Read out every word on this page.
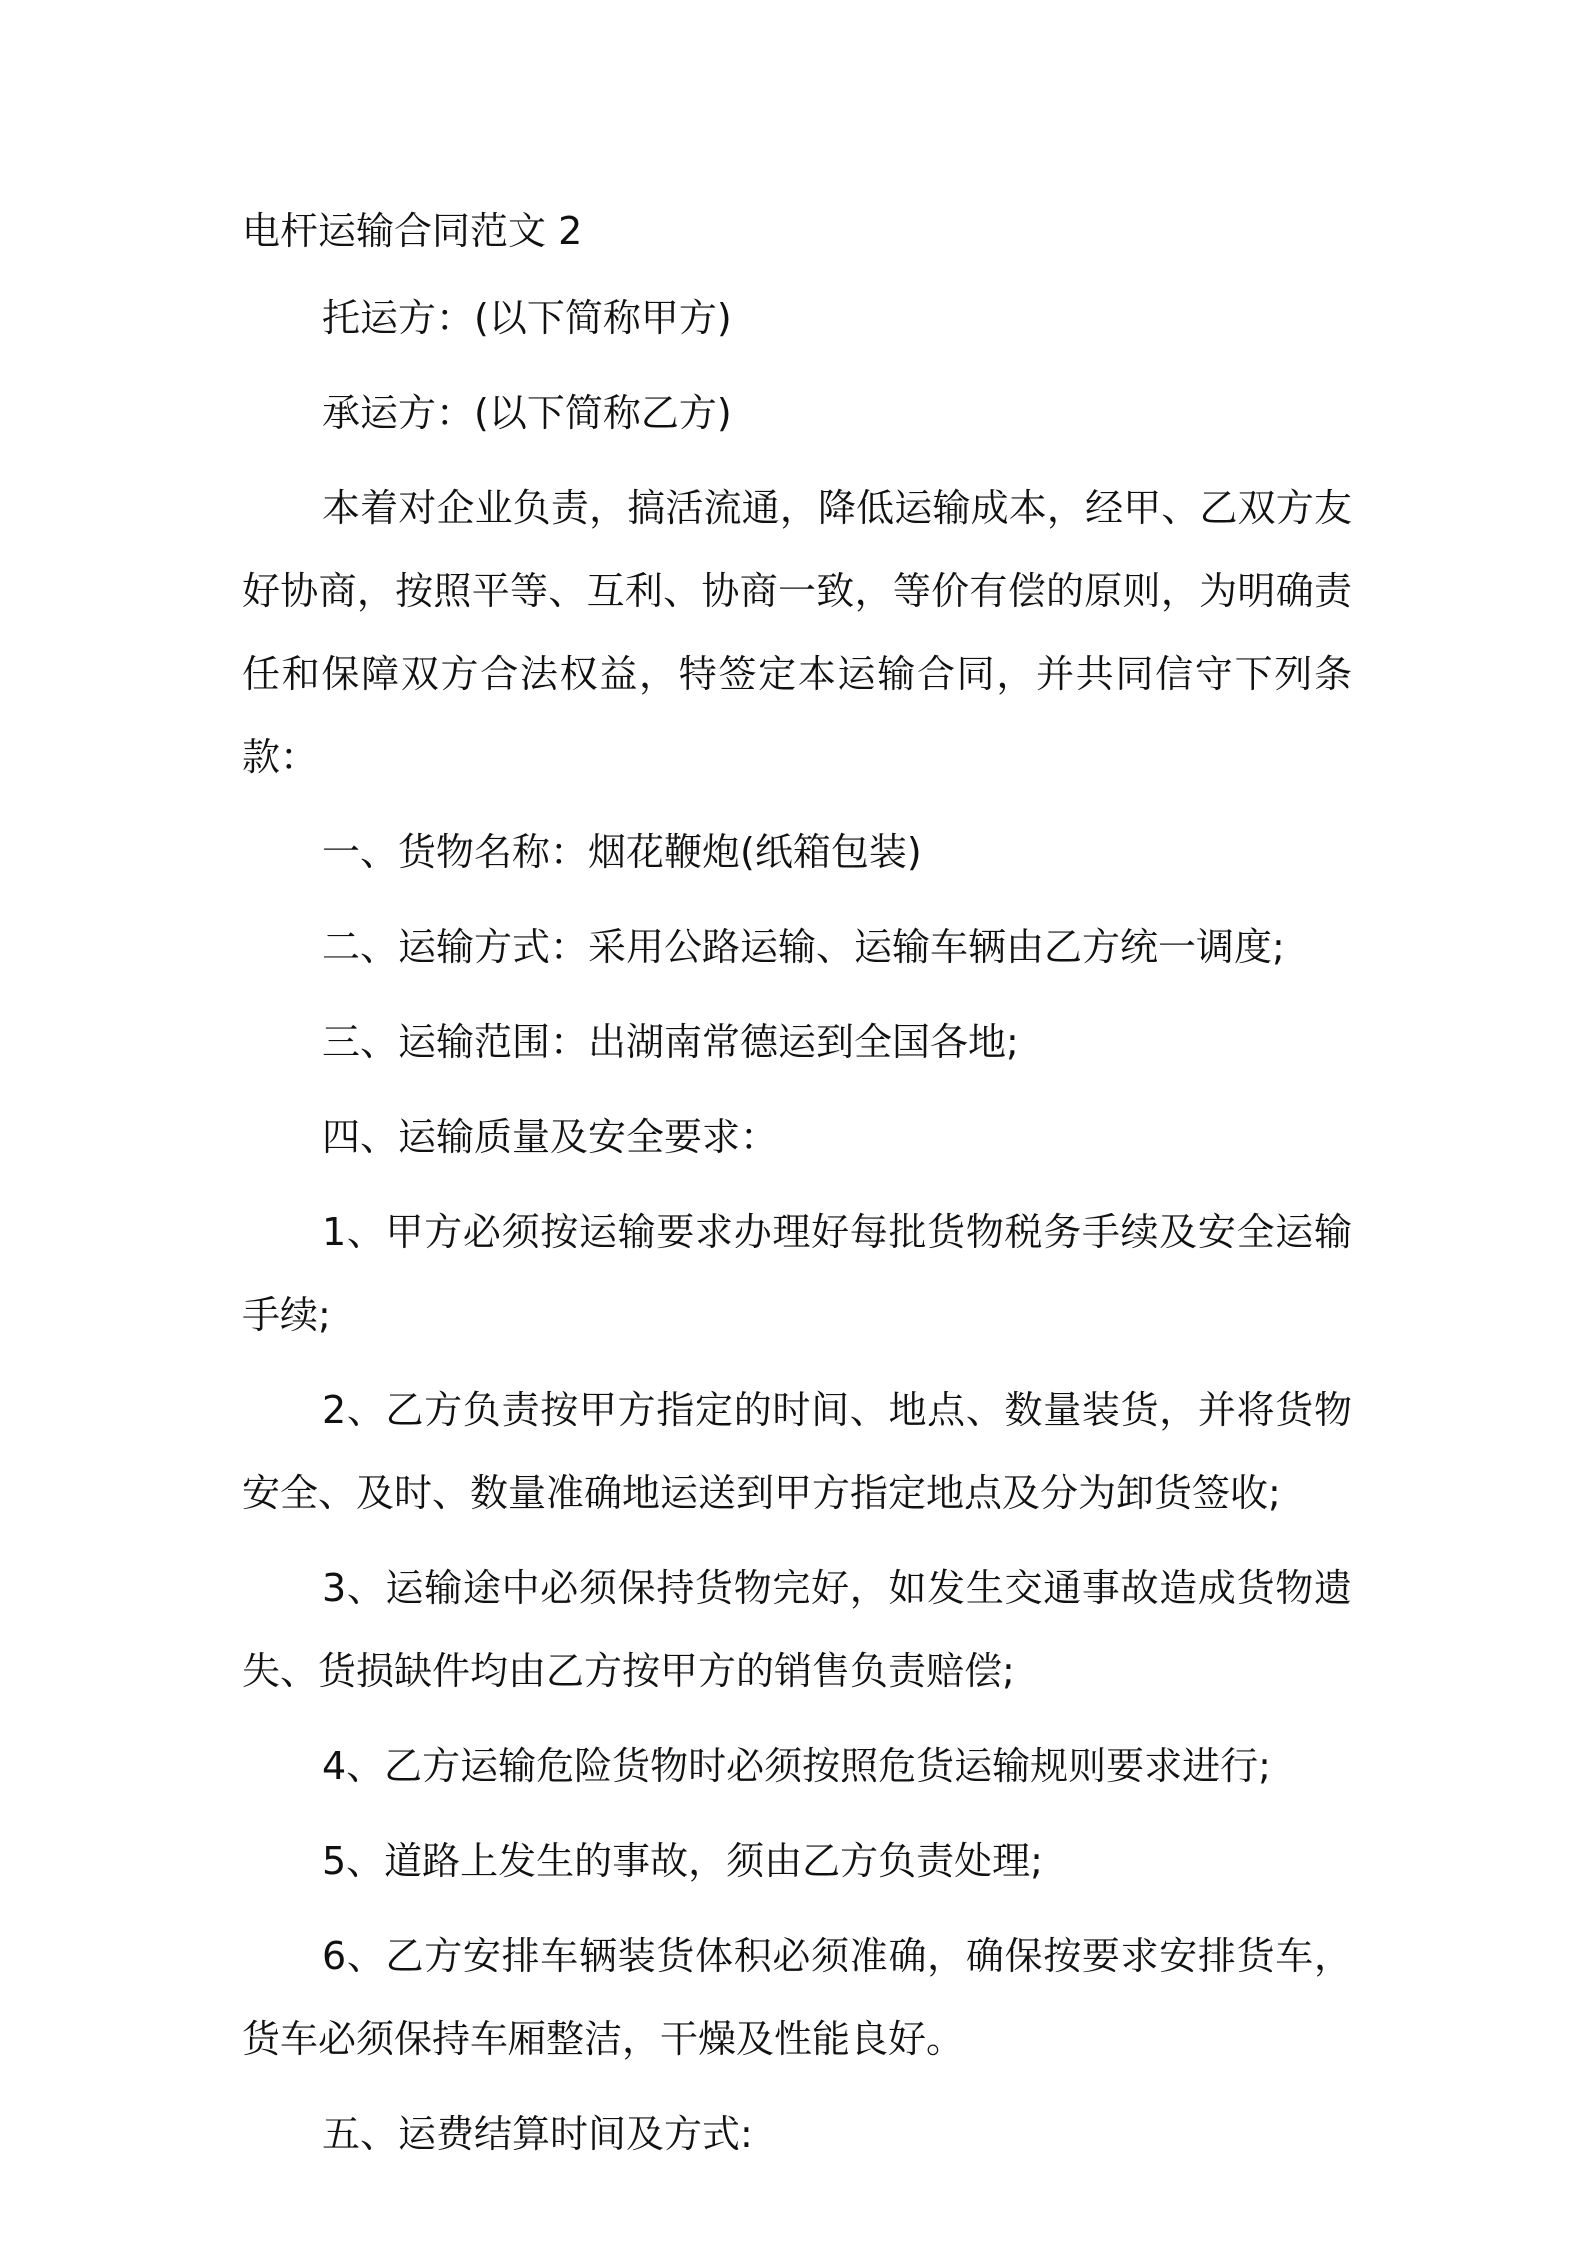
电杆运输合同范文 2

托运方：(以下简称甲方)

承运方：(以下简称乙方)

本着对企业负责，搞活流通，降低运输成本，经甲、乙双方友好协商，按照平等、互利、协商一致，等价有偿的原则，为明确责任和保障双方合法权益，特签定本运输合同，并共同信守下列条款：

一、货物名称：烟花鞭炮(纸箱包装)

二、运输方式：采用公路运输、运输车辆由乙方统一调度;

三、运输范围：出湖南常德运到全国各地;

四、运输质量及安全要求：

1、甲方必须按运输要求办理好每批货物税务手续及安全运输手续;

2、乙方负责按甲方指定的时间、地点、数量装货，并将货物安全、及时、数量准确地运送到甲方指定地点及分为卸货签收;

3、运输途中必须保持货物完好，如发生交通事故造成货物遗失、货损缺件均由乙方按甲方的销售负责赔偿;

4、乙方运输危险货物时必须按照危货运输规则要求进行;

5、道路上发生的事故，须由乙方负责处理;

6、乙方安排车辆装货体积必须准确，确保按要求安排货车，货车必须保持车厢整洁，干燥及性能良好。

五、运费结算时间及方式:
